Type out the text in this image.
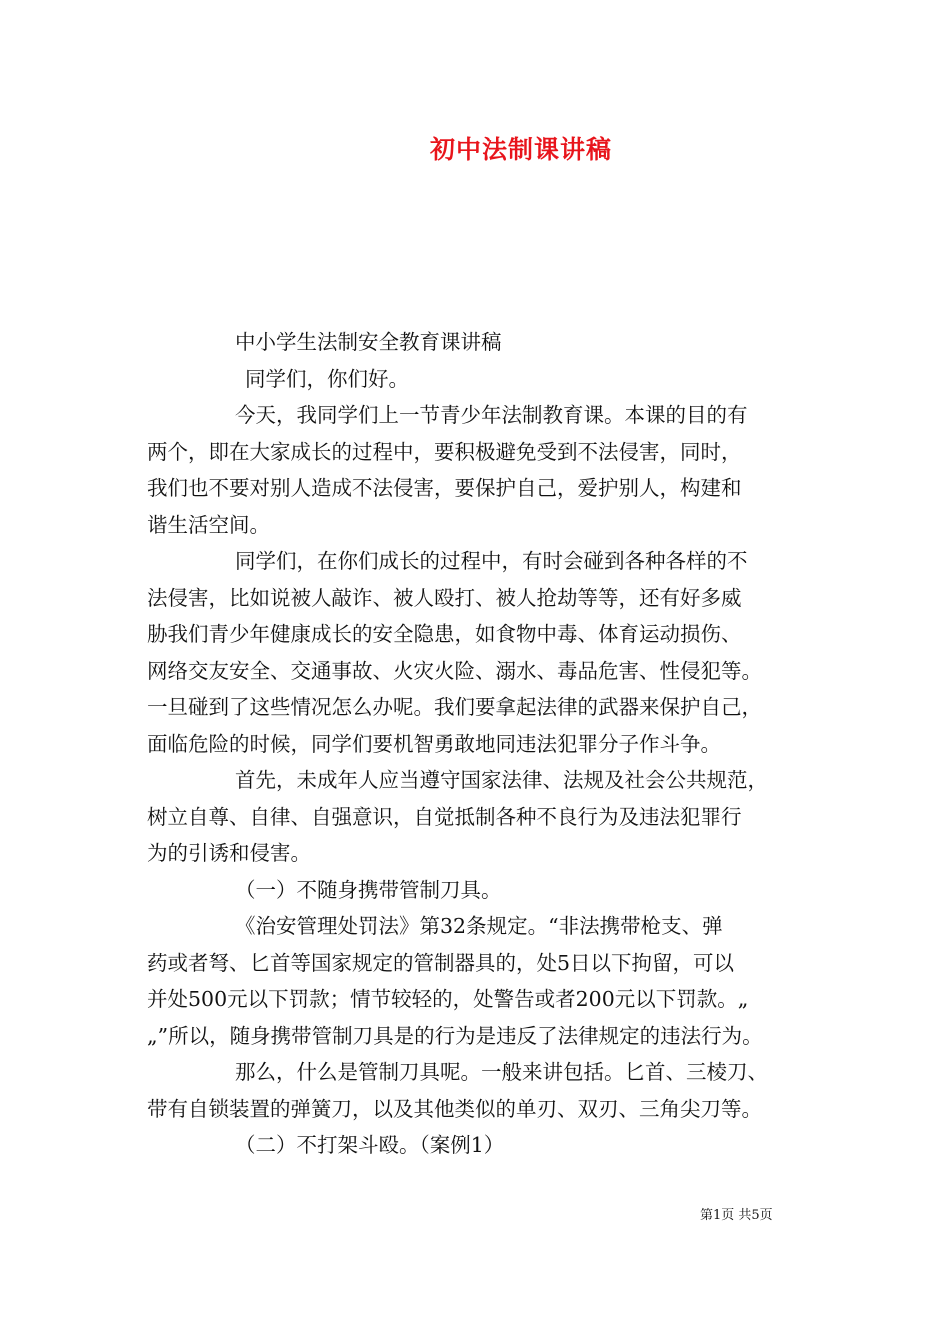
初中法制课讲稿
中小学生法制安全教育课讲稿
同学们，你们好。
今天，我同学们上一节青少年法制教育课。本课的目的有
两个，即在大家成长的过程中，要积极避免受到不法侵害，同时，
我们也不要对别人造成不法侵害，要保护自己，爱护别人，构建和
谐生活空间。
同学们，在你们成长的过程中，有时会碰到各种各样的不
法侵害，比如说被人敲诈、被人殴打、被人抢劫等等，还有好多威
胁我们青少年健康成长的安全隐患，如食物中毒、体育运动损伤、
网络交友安全、交通事故、火灾火险、溺水、毒品危害、性侵犯等。
一旦碰到了这些情况怎么办呢。我们要拿起法律的武器来保护自己，
面临危险的时候，同学们要机智勇敢地同违法犯罪分子作斗争。
首先，未成年人应当遵守国家法律、法规及社会公共规范，
树立自尊、自律、自强意识，自觉抵制各种不良行为及违法犯罪行
为的引诱和侵害。
（一）不随身携带管制刀具。
《治安管理处罚法》第32条规定。“非法携带枪支、弹
药或者弩、匕首等国家规定的管制器具的，处5日以下拘留，可以
并处500元以下罚款；情节较轻的，处警告或者200元以下罚款。„
„”所以，随身携带管制刀具是的行为是违反了法律规定的违法行为。
那么，什么是管制刀具呢。一般来讲包括。匕首、三棱刀、
带有自锁装置的弹簧刀，以及其他类似的单刃、双刃、三角尖刀等。
（二）不打架斗殴。（案例1）
第1页 共5页
